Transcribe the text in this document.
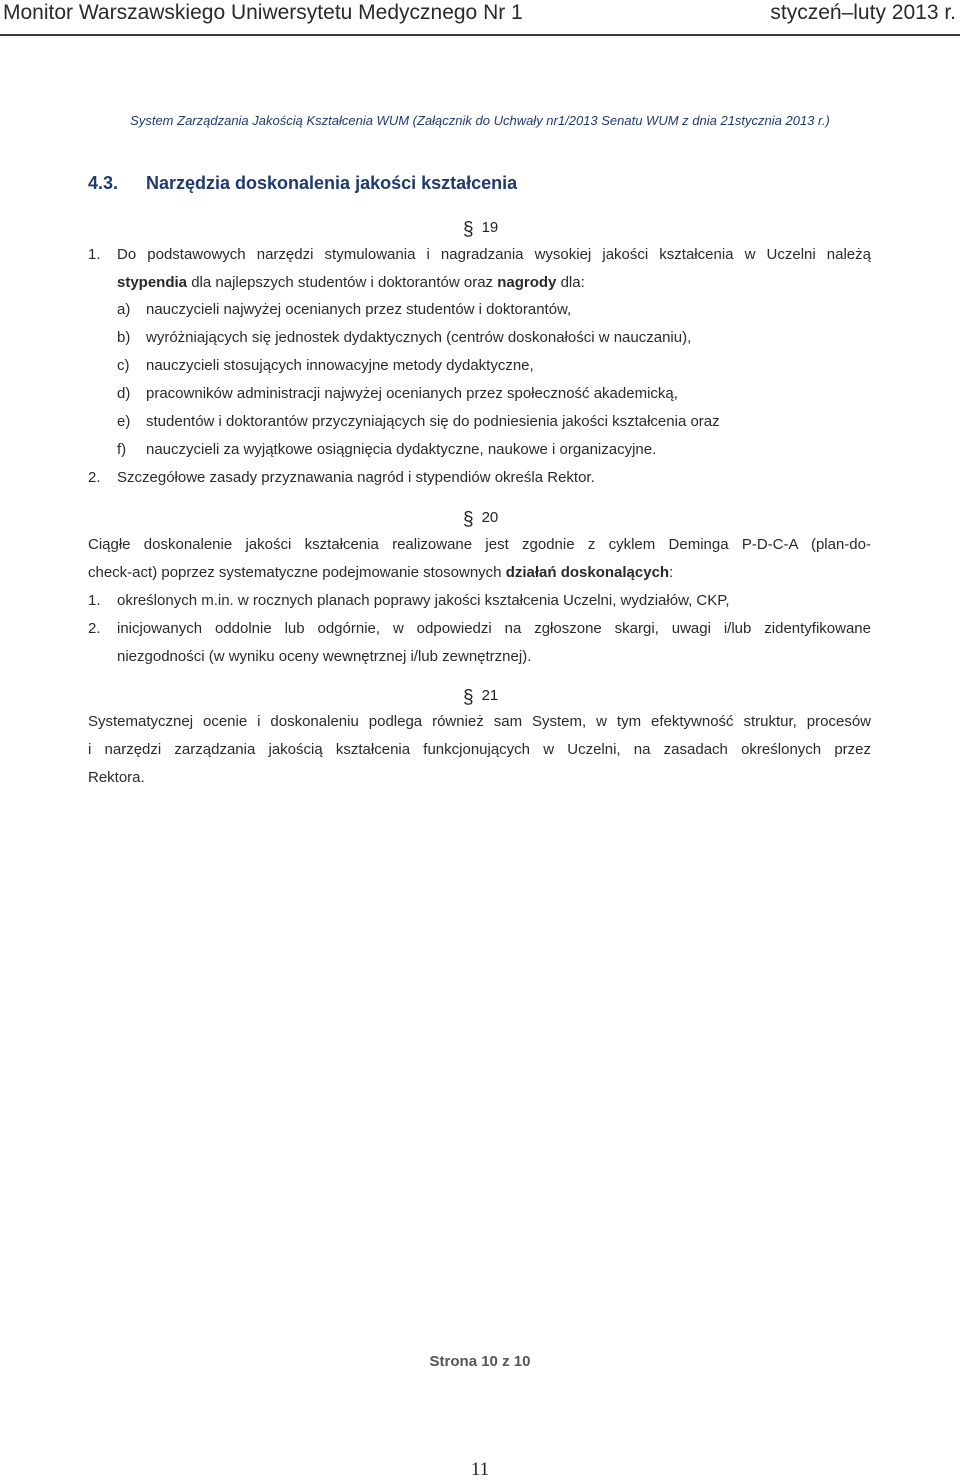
Monitor Warszawskiego Uniwersytetu Medycznego Nr 1	styczeń–luty 2013 r.
System Zarządzania Jakością Kształcenia WUM (Załącznik do Uchwały nr1/2013 Senatu WUM z dnia 21stycznia 2013 r.)
4.3. Narzędzia doskonalenia jakości kształcenia
§ 19
1. Do podstawowych narzędzi stymulowania i nagradzania wysokiej jakości kształcenia w Uczelni należą
stypendia dla najlepszych studentów i doktorantów oraz nagrody dla:
a) nauczycieli najwyżej ocenianych przez studentów i doktorantów,
b) wyróżniających się jednostek dydaktycznych (centrów doskonałości w nauczaniu),
c) nauczycieli stosujących innowacyjne metody dydaktyczne,
d) pracowników administracji najwyżej ocenianych przez społeczność akademicką,
e) studentów i doktorantów przyczyniających się do podniesienia jakości kształcenia oraz
f) nauczycieli za wyjątkowe osiągnięcia dydaktyczne, naukowe i organizacyjne.
2. Szczegółowe zasady przyznawania nagród i stypendiów określa Rektor.
§ 20
Ciągłe doskonalenie jakości kształcenia realizowane jest zgodnie z cyklem Deminga P-D-C-A (plan-do-
check-act) poprzez systematyczne podejmowanie stosownych działań doskonalących:
1. określonych m.in. w rocznych planach poprawy jakości kształcenia Uczelni, wydziałów, CKP,
2. inicjowanych oddolnie lub odgórnie, w odpowiedzi na zgłoszone skargi, uwagi i/lub zidentyfikowane
niezgodności (w wyniku oceny wewnętrznej i/lub zewnętrznej).
§ 21
Systematycznej ocenie i doskonaleniu podlega również sam System, w tym efektywność struktur, procesów
i narzędzi zarządzania jakością kształcenia funkcjonujących w Uczelni, na zasadach określonych przez
Rektora.
Strona 10 z 10
11
